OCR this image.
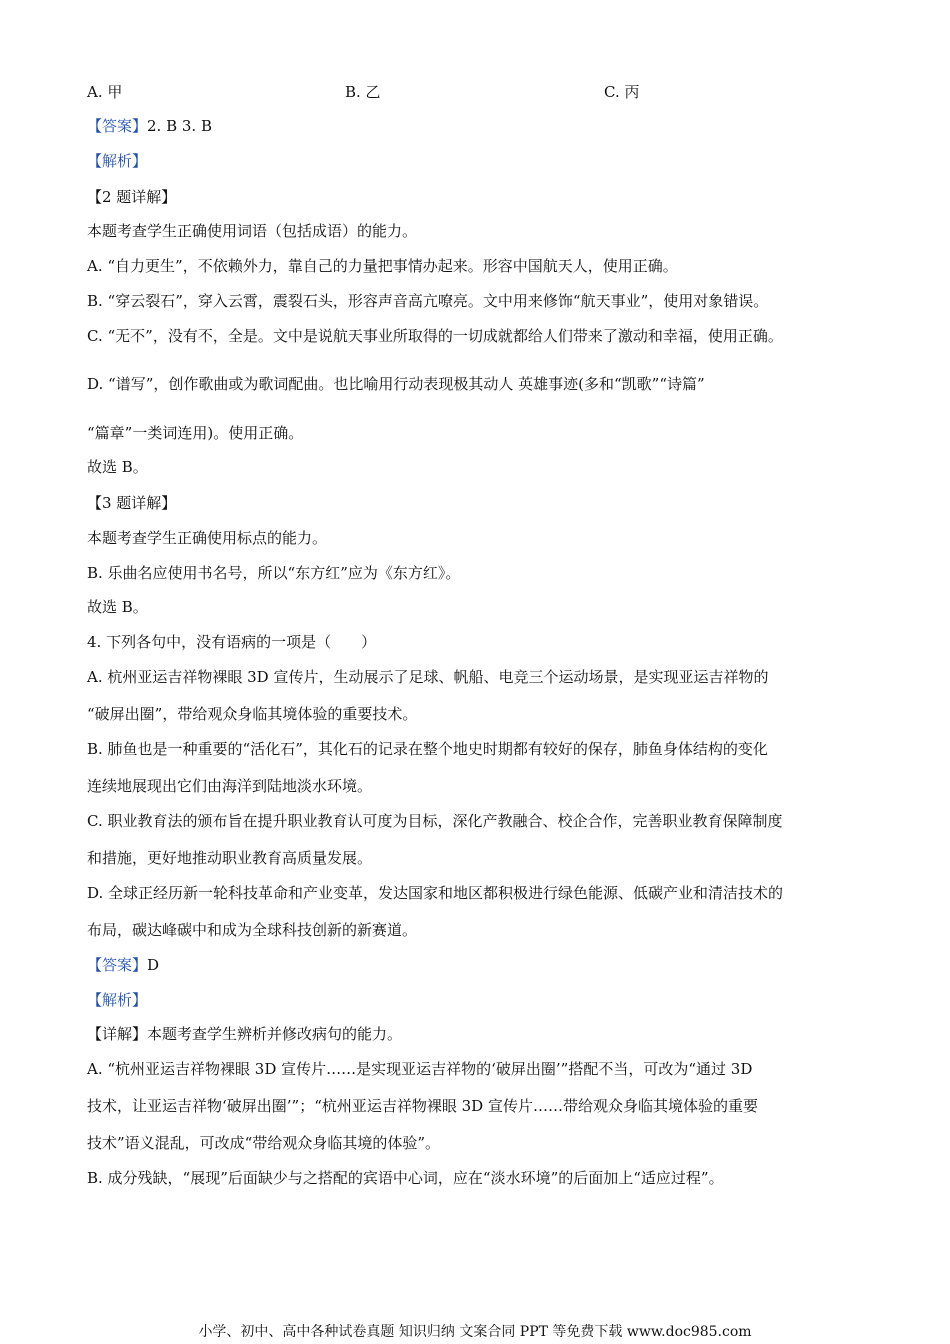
A. 甲	B. 乙	C. 丙
【答案】2. B 3. B
【解析】
【2 题详解】
本题考查学生正确使用词语（包括成语）的能力。
A. “自力更生”，不依赖外力，靠自己的力量把事情办起来。形容中国航天人，使用正确。
B. “穿云裂石”，穿入云霄，震裂石头，形容声音高亢嘹亮。文中用来修饰“航天事业”，使用对象错误。
C. “无不”，没有不，全是。文中是说航天事业所取得的一切成就都给人们带来了激动和幸福，使用正确。
D. “谱写”，创作歌曲或为歌词配曲。也比喻用行动表现极其动人 英雄事迹(多和“凯歌”“诗篇”
“篇章”一类词连用)。使用正确。
故选 B。
【3 题详解】
本题考查学生正确使用标点的能力。
B. 乐曲名应使用书名号，所以“东方红”应为《东方红》。
故选 B。
4. 下列各句中，没有语病的一项是（　　）
A. 杭州亚运吉祥物裸眼 3D 宣传片，生动展示了足球、帆船、电竞三个运动场景，是实现亚运吉祥物的
“破屏出圈”，带给观众身临其境体验的重要技术。
B. 肺鱼也是一种重要的“活化石”，其化石的记录在整个地史时期都有较好的保存，肺鱼身体结构的变化
连续地展现出它们由海洋到陆地淡水环境。
C. 职业教育法的颁布旨在提升职业教育认可度为目标，深化产教融合、校企合作，完善职业教育保障制度
和措施，更好地推动职业教育高质量发展。
D. 全球正经历新一轮科技革命和产业变革，发达国家和地区都积极进行绿色能源、低碳产业和清洁技术的
布局，碳达峰碳中和成为全球科技创新的新赛道。
【答案】D
【解析】
【详解】本题考查学生辨析并修改病句的能力。
A. “杭州亚运吉祥物裸眼 3D 宣传片……是实现亚运吉祥物的‘破屏出圈’”搭配不当，可改为“通过 3D
技术，让亚运吉祥物‘破屏出圈’”；“杭州亚运吉祥物裸眼 3D 宣传片……带给观众身临其境体验的重要
技术”语义混乱，可改成“带给观众身临其境的体验”。
B. 成分残缺，“展现”后面缺少与之搭配的宾语中心词，应在“淡水环境”的后面加上“适应过程”。
小学、初中、高中各种试卷真题 知识归纳 文案合同 PPT 等免费下载 www.doc985.com
